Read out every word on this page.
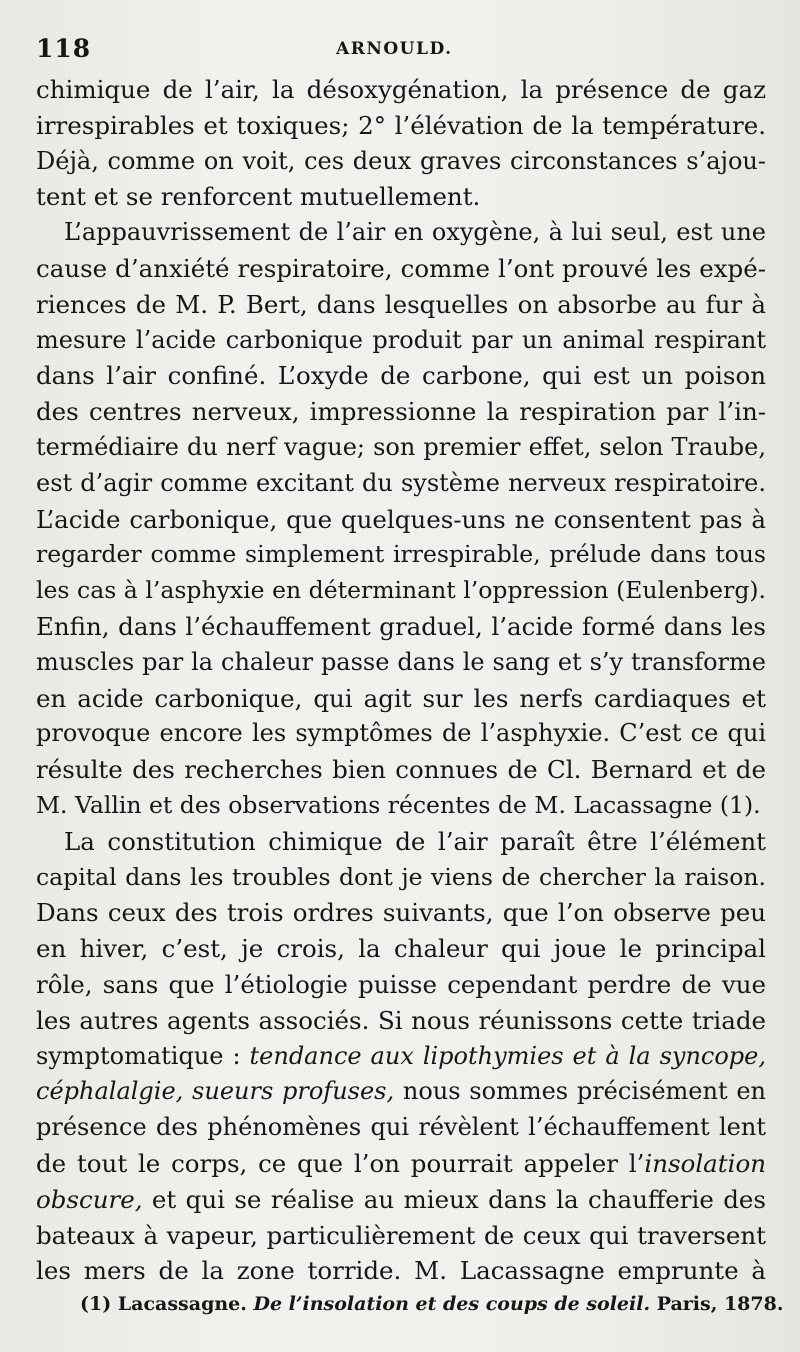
118	ARNOULD.
chimique de l’air, la désoxygénation, la présence de gaz
irrespirables et toxiques; 2° l’élévation de la température.
Déjà, comme on voit, ces deux graves circonstances s’ajou-
tent et se renforcent mutuellement.
L’appauvrissement de l’air en oxygène, à lui seul, est une
cause d’anxiété respiratoire, comme l’ont prouvé les expé-
riences de M. P. Bert, dans lesquelles on absorbe au fur à
mesure l’acide carbonique produit par un animal respirant
dans l’air confiné. L’oxyde de carbone, qui est un poison
des centres nerveux, impressionne la respiration par l’in-
termédiaire du nerf vague; son premier effet, selon Traube,
est d’agir comme excitant du système nerveux respiratoire.
L’acide carbonique, que quelques-uns ne consentent pas à
regarder comme simplement irrespirable, prélude dans tous
les cas à l’asphyxie en déterminant l’oppression (Eulenberg).
Enfin, dans l’échauffement graduel, l’acide formé dans les
muscles par la chaleur passe dans le sang et s’y transforme
en acide carbonique, qui agit sur les nerfs cardiaques et
provoque encore les symptômes de l’asphyxie. C’est ce qui
résulte des recherches bien connues de Cl. Bernard et de
M. Vallin et des observations récentes de M. Lacassagne (1).
La constitution chimique de l’air paraît être l’élément
capital dans les troubles dont je viens de chercher la raison.
Dans ceux des trois ordres suivants, que l’on observe peu
en hiver, c’est, je crois, la chaleur qui joue le principal
rôle, sans que l’étiologie puisse cependant perdre de vue
les autres agents associés. Si nous réunissons cette triade
symptomatique : tendance aux lipothymies et à la syncope,
céphalalgie, sueurs profuses, nous sommes précisément en
présence des phénomènes qui révèlent l’échauffement lent
de tout le corps, ce que l’on pourrait appeler l’insolation
obscure, et qui se réalise au mieux dans la chaufferie des
bateaux à vapeur, particulièrement de ceux qui traversent
les mers de la zone torride. M. Lacassagne emprunte à
(1) Lacassagne. De l’insolation et des coups de soleil. Paris, 1878.
